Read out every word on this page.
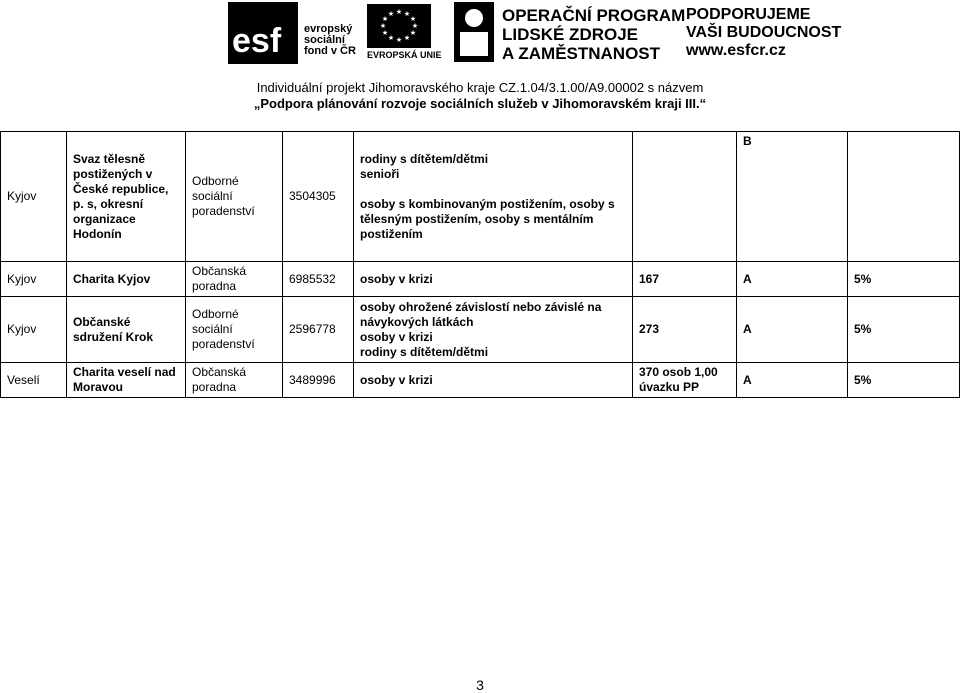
esf evropský
sociální
fond v ČR
★ ★
★
★
★
★
★
★
★
★
★
★
EVROPSKÁ UNIE
OPERAČNÍ PROGRAM
LIDSKÉ ZDROJE
A ZAMĚSTNANOST
PODPORUJEME
VAŠI BUDOUCNOST
www.esfcr.cz
Individuální projekt Jihomoravského kraje CZ.1.04/3.1.00/A9.00002 s názvem
„Podpora plánování rozvoje sociálních služeb v Jihomoravském kraji III.“
Kyjov	Svaz tělesně postižených v České republice, p. s, okresní organizace Hodonín	Odborné sociální poradenství	3504305	rodiny s dítětem/dětmi
senioři
osoby s kombinovaným postižením, osoby s tělesným postižením, osoby s mentálním postižením		B	
Kyjov	Charita Kyjov	Občanská poradna	6985532	osoby v krizi	167	A	5%
Kyjov	Občanské sdružení Krok	Odborné sociální poradenství	2596778	osoby ohrožené závislostí nebo závislé na návykových látkách
osoby v krizi
rodiny s dítětem/dětmi	273	A	5%
Veselí	Charita veselí nad Moravou	Občanská poradna	3489996	osoby v krizi	370 osob 1,00 úvazku PP	A	5%
3
